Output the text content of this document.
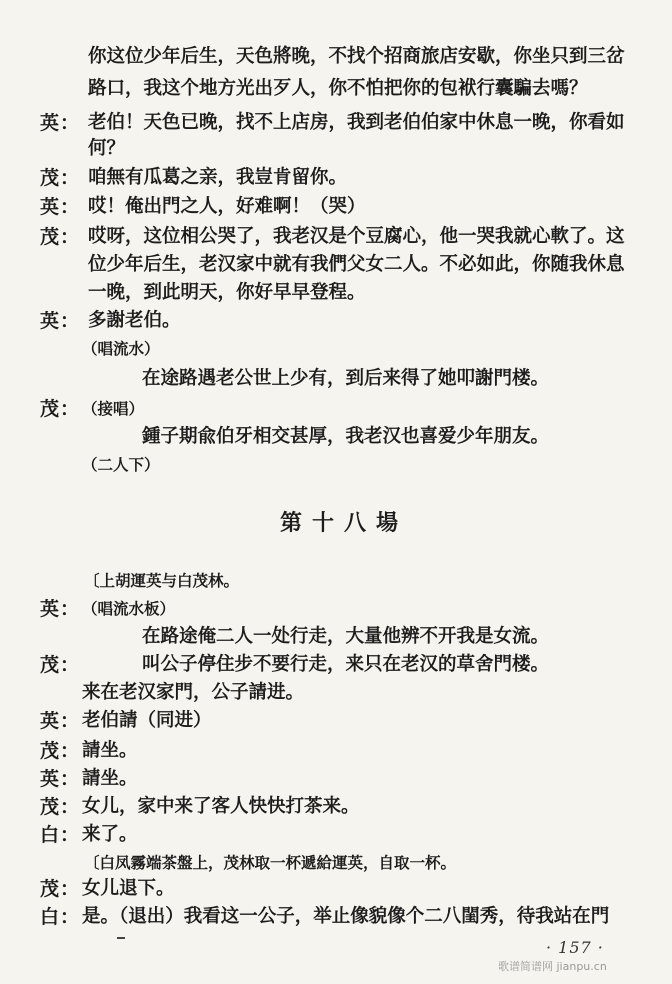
你这位少年后生，天色將晚，不找个招商旅店安歇，你坐只到三岔
路口，我这个地方光出歹人，你不怕把你的包袱行囊騙去嗎？
英： 老伯！天色已晚，找不上店房，我到老伯伯家中休息一晚，你看如
何？
茂： 咱無有瓜葛之亲，我豈肯留你。
英： 哎！俺出門之人，好难啊！（哭）
茂： 哎呀，这位相公哭了，我老汉是个豆腐心，他一哭我就心軟了。这
位少年后生，老汉家中就有我們父女二人。不必如此，你随我休息
一晚，到此明天，你好早早登程。
英： 多謝老伯。
（唱流水）
在途路遇老公世上少有，到后来得了她叩謝門楼。
茂： （接唱）
鍾子期兪伯牙相交甚厚，我老汉也喜爱少年朋友。
（二人下）
第十八場
〔上胡運英与白茂林。
英： （唱流水板）
在路途俺二人一处行走，大量他辨不开我是女流。
茂：	叫公子停住步不要行走，来只在老汉的草舍門楼。
来在老汉家門，公子請进。
英： 老伯請（同进）
茂： 請坐。
英： 請坐。
茂： 女儿，家中来了客人快快打茶来。
白： 来了。
〔白凤霧端茶盤上，茂林取一杯遞給運英，自取一杯。
茂： 女儿退下。
白： 是。（退出）我看这一公子，举止像貌像个二八閨秀，待我站在門
· 157 ·
歌谱简谱网 jianpu.cn
